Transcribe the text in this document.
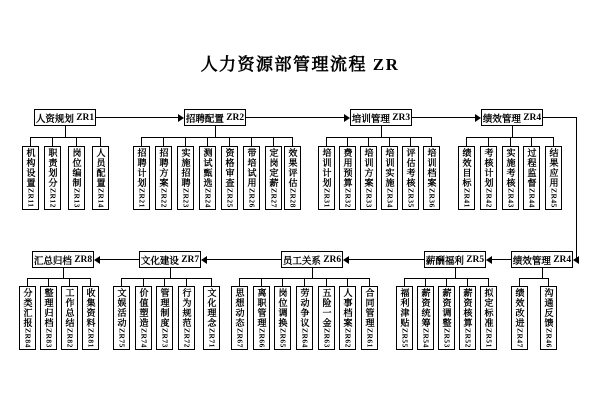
人力资源部管理流程 ZR
人资规划
ZR1
机构设置ZR11
职责划分ZR12
岗位编制ZR13
人员配置ZR14
招聘配置
ZR2
招聘计划ZR21
招聘方案ZR22
实施招聘ZR23
测试甄选ZR24
资格审查ZR25
带培试用ZR26
定岗定薪ZR27
效果评估ZR28
培训管理
ZR3
培训计划ZR31
费用预算ZR32
培训方案ZR33
培训实施ZR34
评估考核ZR35
培训档案ZR36
绩效管理
ZR4
绩效目标ZR41
考核计划ZR42
实施考核ZR43
过程监督ZR44
结果应用ZR45
汇总归档
ZR8
分类汇报ZR84
整理归档ZR83
工作总结ZR82
收集资料ZR81
文化建设
ZR7
文娱活动ZR75
价值塑造ZR74
管理制度ZR73
行为规范ZR72
文化理念ZR71
员工关系
ZR6
思想动态ZR67
离职管理ZR66
岗位调换ZR65
劳动争议ZR64
五险一金ZR63
人事档案ZR62
合同管理ZR61
薪酬福利
ZR5
福利津贴ZR55
薪资统筹ZR54
薪资调整ZR53
薪资核算ZR52
拟定标准ZR51
绩效管理
ZR4
绩效改进ZR47
沟通反馈ZR46
